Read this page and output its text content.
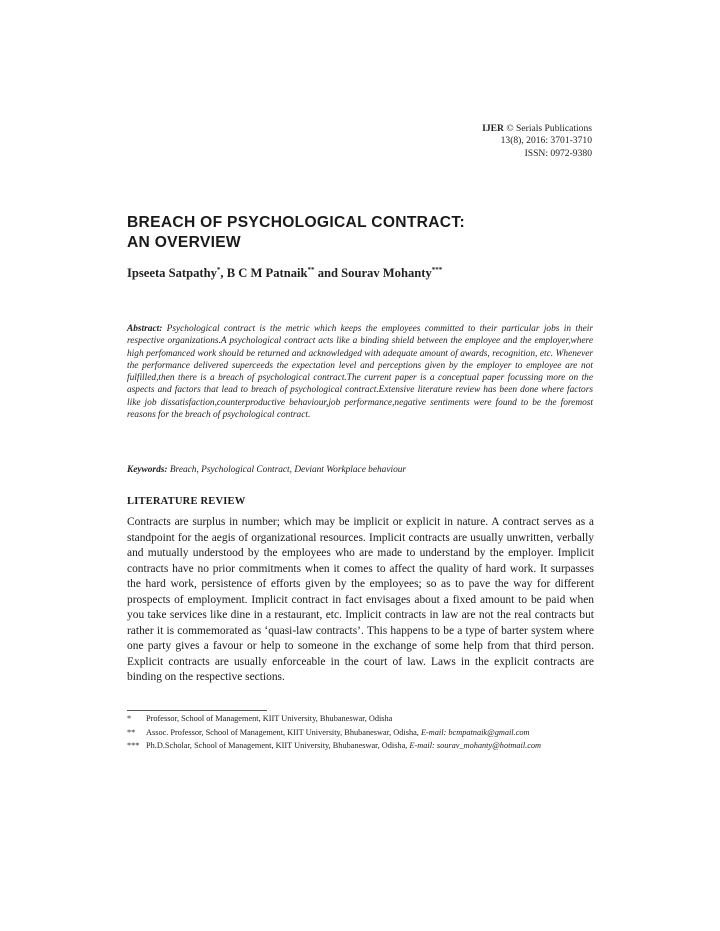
IJER © Serials Publications
13(8), 2016: 3701-3710
ISSN: 0972-9380
BREACH OF PSYCHOLOGICAL CONTRACT:
AN OVERVIEW
Ipseeta Satpathy*, B C M Patnaik** and Sourav Mohanty***

Abstract: Psychological contract is the metric which keeps the employees committed to their particular jobs in their respective organizations.A psychological contract acts like a binding shield between the employee and the employer,where high perfomanced work should be returned and acknowledged with adequate amount of awards, recognition, etc. Whenever the performance delivered superceeds the expectation level and perceptions given by the employer to employee are not fulfilled,then there is a breach of psychological contract.The current paper is a conceptual paper focussing more on the aspects and factors that lead to breach of psychological contract.Extensive literature review has been done where factors like job dissatisfaction,counterproductive behaviour,job performance,negative sentiments were found to be the foremost reasons for the breach of psychological contract.

Keywords: Breach, Psychological Contract, Deviant Workplace behaviour
LITERATURE REVIEW

Contracts are surplus in number; which may be implicit or explicit in nature. A contract serves as a standpoint for the aegis of organizational resources. Implicit contracts are usually unwritten, verbally and mutually understood by the employees who are made to understand by the employer. Implicit contracts have no prior commitments when it comes to affect the quality of hard work. It surpasses the hard work, persistence of efforts given by the employees; so as to pave the way for different prospects of employment. Implicit contract in fact envisages about a fixed amount to be paid when you take services like dine in a restaurant, etc. Implicit contracts in law are not the real contracts but rather it is commemorated as ‘quasi-law contracts’. This happens to be a type of barter system where one party gives a favour or help to someone in the exchange of some help from that third person. Explicit contracts are usually enforceable in the court of law. Laws in the explicit contracts are binding on the respective sections.

* Professor, School of Management, KIIT University, Bhubaneswar, Odisha
** Assoc. Professor, School of Management, KIIT University, Bhubaneswar, Odisha, E-mail: bcmpatnaik@gmail.com
*** Ph.D.Scholar, School of Management, KIIT University, Bhubaneswar, Odisha, E-mail: sourav_mohanty@hotmail.com
